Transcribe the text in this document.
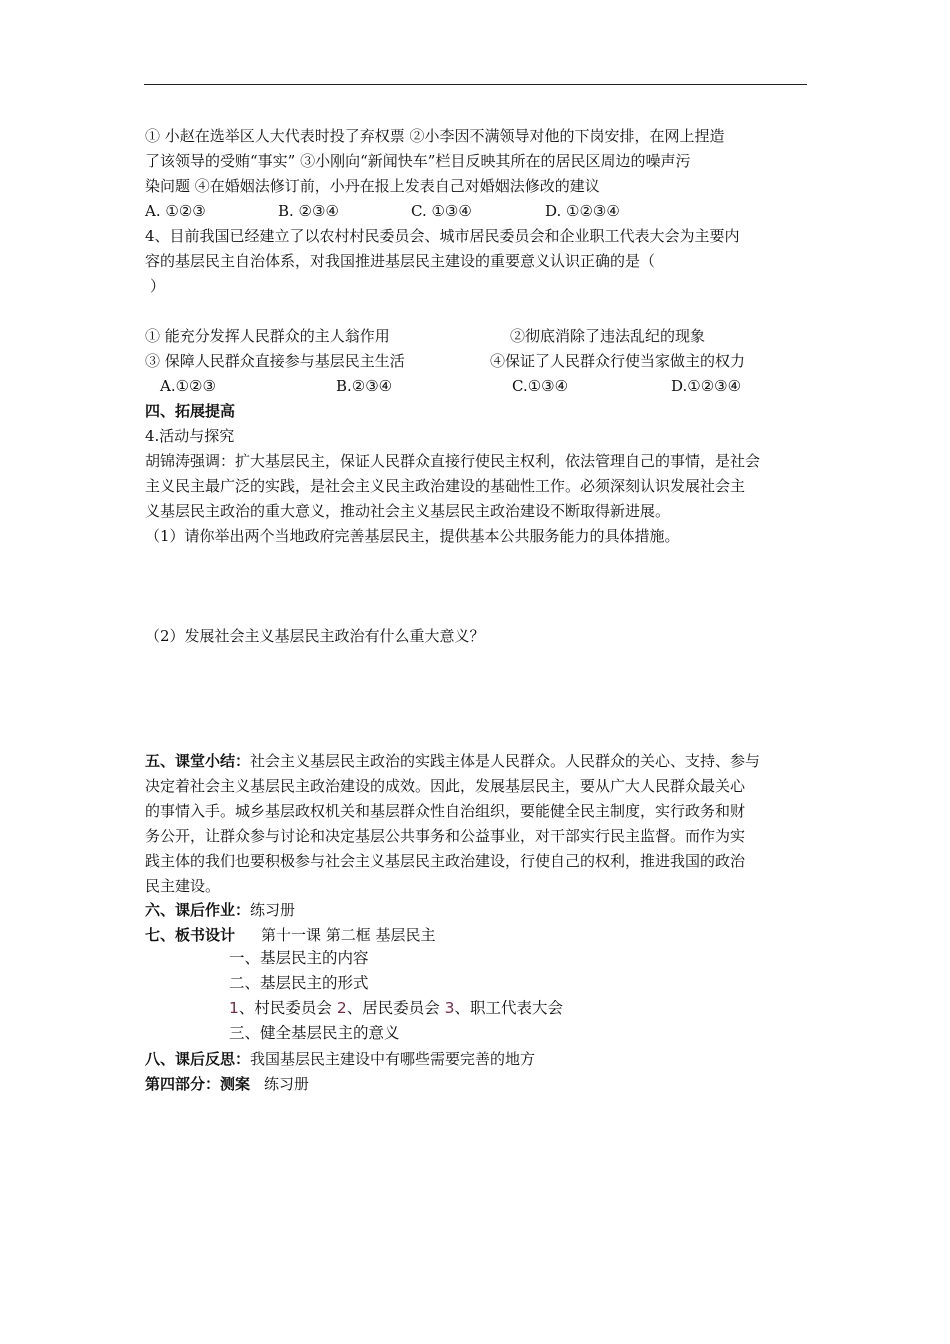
① 小赵在选举区人大代表时投了弃权票 ②小李因不满领导对他的下岗安排，在网上捏造
了该领导的受贿“事实” ③小刚向“新闻快车”栏目反映其所在的居民区周边的噪声污
染问题 ④在婚姻法修订前，小丹在报上发表自己对婚姻法修改的建议
A. ①②③	B. ②③④	C. ①③④	D. ①②③④
4、目前我国已经建立了以农村村民委员会、城市居民委员会和企业职工代表大会为主要内
容的基层民主自治体系，对我国推进基层民主建设的重要意义认识正确的是（
）
① 能充分发挥人民群众的主人翁作用	②彻底消除了违法乱纪的现象
③ 保障人民群众直接参与基层民主生活	④保证了人民群众行使当家做主的权力
A.①②③	B.②③④	C.①③④	D.①②③④
四、拓展提高
4.活动与探究
胡锦涛强调：扩大基层民主，保证人民群众直接行使民主权利，依法管理自己的事情，是社会
主义民主最广泛的实践，是社会主义民主政治建设的基础性工作。必须深刻认识发展社会主
义基层民主政治的重大意义，推动社会主义基层民主政治建设不断取得新进展。
（1）请你举出两个当地政府完善基层民主，提供基本公共服务能力的具体措施。
（2）发展社会主义基层民主政治有什么重大意义？
五、课堂小结：社会主义基层民主政治的实践主体是人民群众。人民群众的关心、支持、参与
决定着社会主义基层民主政治建设的成效。因此，发展基层民主，要从广大人民群众最关心
的事情入手。城乡基层政权机关和基层群众性自治组织，要能健全民主制度，实行政务和财
务公开，让群众参与讨论和决定基层公共事务和公益事业，对干部实行民主监督。而作为实
践主体的我们也要积极参与社会主义基层民主政治建设，行使自己的权利，推进我国的政治
民主建设。
六、课后作业：练习册
七、板书设计 第十一课 第二框 基层民主
一、基层民主的内容
二、基层民主的形式
1、村民委员会 2、居民委员会 3、职工代表大会
三、健全基层民主的意义
八、课后反思：我国基层民主建设中有哪些需要完善的地方
第四部分：测案 练习册
